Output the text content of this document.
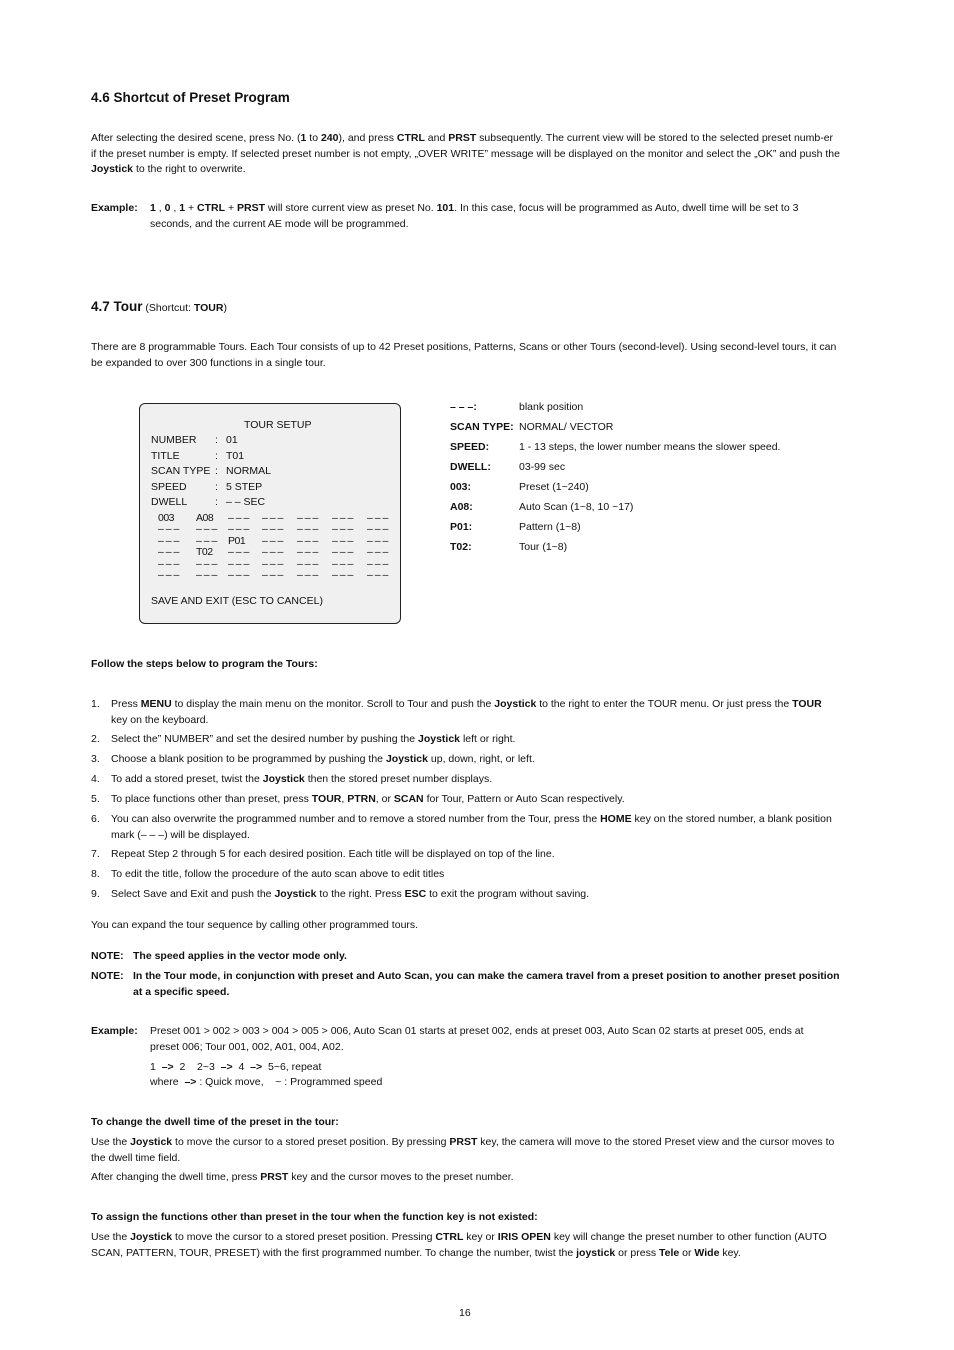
4.6 Shortcut of Preset Program

After selecting the desired scene, press No. (1 to 240), and press CTRL and PRST subsequently. The current view will be stored to the selected preset numb-er if the preset number is empty. If selected preset number is not empty, „OVER WRITE” message will be displayed on the monitor and select the „OK” and push the Joystick to the right to overwrite.

Example: 1 , 0 , 1 + CTRL + PRST will store current view as preset No. 101. In this case, focus will be programmed as Auto, dwell time will be set to 3 seconds, and the current AE mode will be programmed.

4.7 Tour (Shortcut: TOUR)

There are 8 programmable Tours. Each Tour consists of up to 42 Preset positions, Patterns, Scans or other Tours (second-level). Using second-level tours, it can be expanded to over 300 functions in a single tour.

TOUR SETUP
NUMBER : 01
TITLE	: T01
SCAN TYPE : NORMAL
SPEED	: 5 STEP
DWELL	: – – SEC
003 A08 – – – – – – – – – – – – – – –
– – – – – – – – – – – – – – – – – – – – –
– – – – – – P01 – – – – – – – – – – – –
– – – T02 – – – – – – – – – – – – – – –
– – – – – – – – – – – – – – – – – – – – –
– – – – – – – – – – – – – – – – – – – – –
SAVE AND EXIT (ESC TO CANCEL)
– – –:	blank position
SCAN TYPE: NORMAL/ VECTOR
SPEED:	1 - 13 steps, the lower number means the slower speed.
DWELL:	03-99 sec
003:	Preset (1~240)
A08:	Auto Scan (1~8, 10 ~17)
P01:	Pattern (1~8)
T02:	Tour (1~8)
Follow the steps below to program the Tours:
1.	Press MENU to display the main menu on the monitor. Scroll to Tour and push the Joystick to the right to enter the TOUR menu. Or just press the TOUR key on the keyboard.

2.	Select the” NUMBER” and set the desired number by pushing the Joystick left or right.

3.	Choose a blank position to be programmed by pushing the Joystick up, down, right, or left.

4.	To add a stored preset, twist the Joystick then the stored preset number displays.

5.	To place functions other than preset, press TOUR, PTRN, or SCAN for Tour, Pattern or Auto Scan respectively.

6.	You can also overwrite the programmed number and to remove a stored number from the Tour, press the HOME key on the stored number, a blank position mark (– – –) will be displayed.

7.	Repeat Step 2 through 5 for each desired position. Each title will be displayed on top of the line.

8.	To edit the title, follow the procedure of the auto scan above to edit titles

9.	Select Save and Exit and push the Joystick to the right. Press ESC to exit the program without saving.

You can expand the tour sequence by calling other programmed tours.

NOTE: The speed applies in the vector mode only.

NOTE: In the Tour mode, in conjunction with preset and Auto Scan, you can make the camera travel from a preset position to another preset position at a specific speed.

Example: Preset 001 > 002 > 003 > 004 > 005 > 006, Auto Scan 01 starts at preset 002, ends at preset 003, Auto Scan 02 starts at preset 005, ends at preset 006; Tour 001, 002, A01, 004, A02.

1  –>  2    2~3  –>  4  –>  5~6, repeat
where  –> : Quick move,    ~ : Programmed speed
To change the dwell time of the preset in the tour:

Use the Joystick to move the cursor to a stored preset position. By pressing PRST key, the camera will move to the stored Preset view and the cursor moves to the dwell time field.

After changing the dwell time, press PRST key and the cursor moves to the preset number.

To assign the functions other than preset in the tour when the function key is not existed:

Use the Joystick to move the cursor to a stored preset position. Pressing CTRL key or IRIS OPEN key will change the preset number to other function (AUTO SCAN, PATTERN, TOUR, PRESET) with the first programmed number. To change the number, twist the joystick or press Tele or Wide key.

16
